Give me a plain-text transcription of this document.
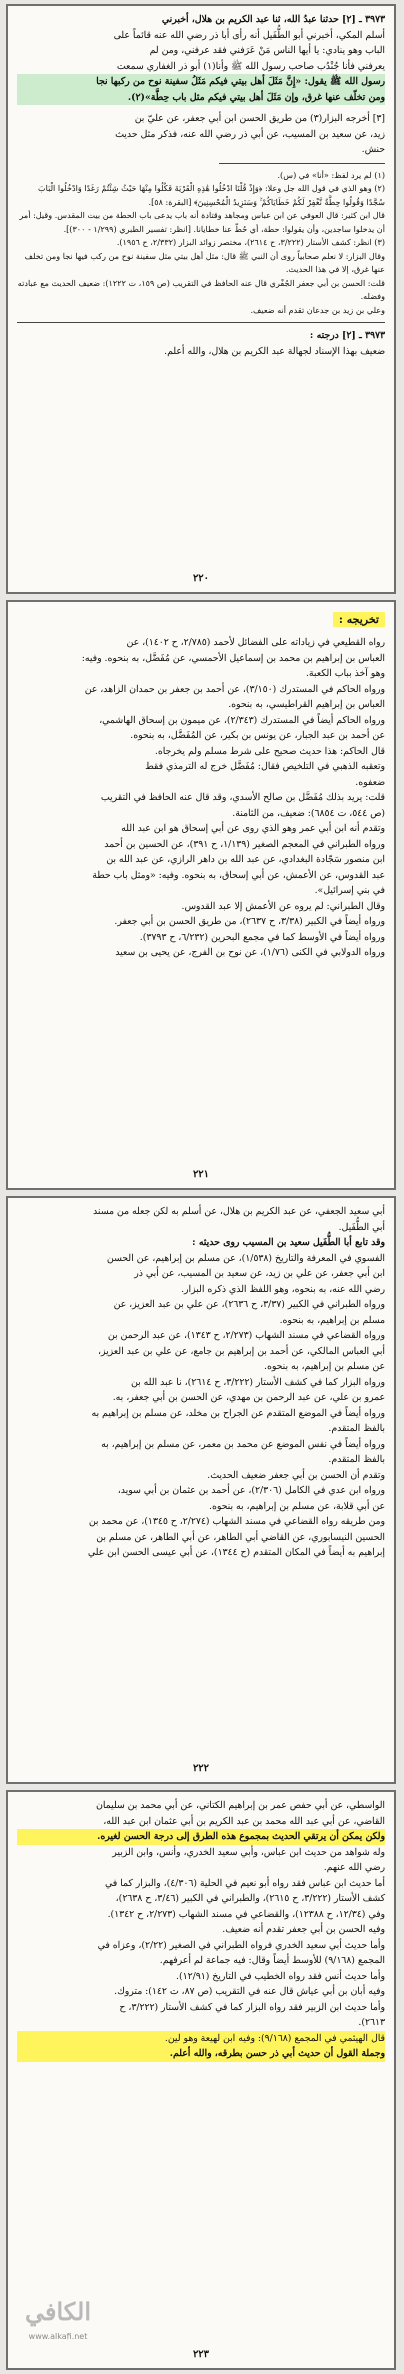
٣٩٧٣ ـ [٢] حدثنا عبدُ الله، ثنا عبد الكريم بن هلال، أخبرني

أسلم المكي، أخبرني أبو الطُّفَيل أنه رأى أبا ذر رضي الله عنه قائماً على

الباب وهو ينادي: يا أيها الناس مَنْ عَرَفني فقد عرفني، ومن لم

يعرفني فأنا جُنْدُب صاحب رسول الله ﷺ وأنا(١) أبو ذر الغفاري سمعت

رسول الله ﷺ يقول: «إِنَّ مَثَلَ أهل بيتي فيكم مَثَلُ سفينة نوح من ركبها نجا

ومن تخلّف عنها غرق، وإن مَثَلَ أهل بيتي فيكم مثل باب حِطَّة»(٢).

[٣] أخرجه البزار(٣) من طريق الحسن ابن أبي جعفر، عن عليّ بن

زيد، عن سعيد بن المسيب، عن أبي ذر رضي الله عنه، فذكر مثل حديث

حنش.

(١) لم يرد لفظ: «أنا» في (س).

(٢) وهو الذي في قول الله جل وعلا: ﴿وَإِذْ قُلْنَا ادْخُلُوا هَٰذِهِ الْقَرْيَةَ فَكُلُوا مِنْهَا حَيْثُ شِئْتُمْ رَغَدًا وَادْخُلُوا الْبَابَ سُجَّدًا وَقُولُوا حِطَّةٌ نَّغْفِرْ لَكُمْ خَطَايَاكُمْ ۚ وَسَنَزِيدُ الْمُحْسِنِينَ﴾ [البقرة: ٥٨].

قال ابن كثير: قال العوفي عن ابن عباس ومجاهد وقتادة أنه باب يدعى باب الحطة من بيت المقدس. وقيل: أمر أن يدخلوا ساجدين، وأن يقولوا: حطة، أي حُطّ عنا خطايانا. [انظر: تفسير الطبري (١/٢٩٩ - ٣٠٠)].

(٣) انظر: كشف الأستار (٣/٢٢٢، ح ٢٦١٤)، مختصر زوائد البزار (٢/٣٣٢، ح ١٩٥٦).

وقال البزار: لا نعلم صحابياً روى أن النبي ﷺ قال: مثل أهل بيتي مثل سفينة نوح من ركب فيها نجا ومن تخلف عنها غرق، إلا في هذا الحديث.

قلت: الحسن بن أبي جعفر الجُفْري قال عنه الحافظ في التقريب (ص ١٥٩، ت ١٢٢٢): ضعيف الحديث مع عبادته وفضله.

وعلي بن زيد بن جدعان تقدم أنه ضعيف.

٣٩٧٣ ـ [٢] درجته :

ضعيف بهذا الإسناد لجهالة عبد الكريم بن هلال، والله أعلم.

٢٢٠
تخريجه :

رواه القطيعي في زياداته على الفضائل لأحمد (٢/٧٨٥، ح ١٤٠٢)، عن

العباس بن إبراهيم بن محمد بن إسماعيل الأحمسي، عن مُفَضَّل، به بنحوه. وفيه:

وهو آخذ بباب الكعبة.

ورواه الحاكم في المستدرك (٣/١٥٠)، عن أحمد بن جعفر بن حمدان الزاهد، عن

العباس بن إبراهيم القراطيسي، به بنحوه.

ورواه الحاكم أيضاً في المستدرك (٢/٣٤٣)، عن ميمون بن إسحاق الهاشمي،

عن أحمد بن عبد الجبار، عن يونس بن بكير، عن المُفَضَّل، به بنحوه.

قال الحاكم: هذا حديث صحيح على شرط مسلم ولم يخرجاه.

وتعقبه الذهبي في التلخيص فقال: مُفَضَّل خرج له الترمذي فقط

ضعفوه.

قلت: يريد بذلك مُفَضَّل بن صالح الأسدي، وقد قال عنه الحافظ في التقريب

(ص ٥٤٤، ت ٦٨٥٤): ضعيف، من الثامنة.

وتقدم أنه ابن أبي عمر وهو الذي روى عن أبي إسحاق هو ابن عبد الله

ورواه الطبراني في المعجم الصغير (١/١٣٩، ح ٣٩١)، عن الحسين بن أحمد

ابن منصور سَجّادة البغدادي، عن عبد الله بن داهر الرازي، عن عبد الله بن

عبد القدوس، عن الأعمش، عن أبي إسحاق، به بنحوه. وفيه: «ومثل باب حطة

في بني إسرائيل».

وقال الطبراني: لم يروه عن الأعمش إلا عبد القدوس.

ورواه أيضاً في الكبير (٣/٣٨، ح ٢٦٣٧)، من طريق الحسن بن أبي جعفر.

ورواه أيضاً في الأوسط كما في مجمع البحرين (٦/٢٣٢، ح ٣٧٩٣).

ورواه الدولابي في الكنى (١/٧٦)، عن نوح بن الفرج، عن يحيى بن سعيد

٢٢١

أبي سعيد الجعفي، عن عبد الكريم بن هلال، عن أسلم به لكن جعله من مسند

أبي الطُّفَيل.

وقد تابع أبا الطُّفَيل سعيد بن المسيب روى حديثه :

الفسوي في المعرفة والتاريخ (١/٥٣٨)، عن مسلم بن إبراهيم، عن الحسن

ابن أبي جعفر، عن علي بن زيد، عن سعيد بن المسيب، عن أبي ذر

رضي الله عنه، به بنحوه، وهو اللفظ الذي ذكره البزار.

ورواه الطبراني في الكبير (٣/٣٧، ح ٢٦٣٦)، عن علي بن عبد العزيز، عن

مسلم بن إبراهيم، به بنحوه.

ورواه القضاعي في مسند الشهاب (٢/٢٧٣، ح ١٣٤٣)، عن عبد الرحمن بن

أبي العباس المالكي، عن أحمد بن إبراهيم بن جامع، عن علي بن عبد العزيز،

عن مسلم بن إبراهيم، به بنحوه.

ورواه البزار كما في كشف الأستار (٣/٢٢٢، ح ٢٦١٤)، نا عبد الله بن

عمرو بن علي، عن عبد الرحمن بن مهدي، عن الحسن بن أبي جعفر، به.

ورواه أيضاً في الموضع المتقدم عن الجراح بن مخلد، عن مسلم بن إبراهيم به

بالفظ المتقدم.

ورواه أيضاً في نفس الموضع عن محمد بن معمر، عن مسلم بن إبراهيم، به

بالفظ المتقدم.

وتقدم أن الحسن بن أبي جعفر ضعيف الحديث.

ورواه ابن عدي في الكامل (٢/٣٠٦)، عن أحمد بن عثمان بن أبي سويد،

عن أبي قلابة، عن مسلم بن إبراهيم، به بنحوه.

ومن طريقه رواه القضاعي في مسند الشهاب (٢/٢٧٤، ح ١٣٤٥)، عن محمد بن

الحسين النيسابوري، عن القاضي أبي الطاهر، عن أبي الطاهر، عن مسلم بن

إبراهيم به أيضاً في المكان المتقدم (ح ١٣٤٤)، عن أبي عيسى الحسن ابن علي

٢٢٢

الواسطي، عن أبي حفص عمر بن إبراهيم الكتاني، عن أبي محمد بن سليمان

القاضي، عن أبي عبد الله محمد بن عبد الكريم بن أبي عثمان ابن عبد الله،

ولكن يمكن أن يرتقي الحديث بمجموع هذه الطرق إلى درجة الحسن لغيره.

وله شواهد من حديث ابن عباس، وأبي سعيد الخدري، وأنس، وابن الزبير

رضي الله عنهم.

أما حديث ابن عباس فقد رواه أبو نعيم في الحلية (٤/٣٠٦)، والبزار كما في

كشف الأستار (٣/٢٢٢، ح ٢٦١٥)، والطبراني في الكبير (٣/٤٦، ح ٢٦٣٨)،

وفي (١٢/٣٤، ح ١٢٣٨٨)، والقضاعي في مسند الشهاب (٢/٢٧٣، ح ١٣٤٢).

وفيه الحسن بن أبي جعفر تقدم أنه ضعيف.

وأما حديث أبي سعيد الخدري فرواه الطبراني في الصغير (٢/٢٢)، وعزاه في

المجمع (٩/١٦٨) للأوسط أيضاً وقال: فيه جماعة لم أعرفهم.

وأما حديث أنس فقد رواه الخطيب في التاريخ (١٢/٩١).

وفيه أبان بن أبي عياش قال عنه في التقريب (ص ٨٧، ت ١٤٢): متروك.

وأما حديث ابن الزبير فقد رواه البزار كما في كشف الأستار (٣/٢٢٢، ح

٢٦١٣).

قال الهيثمي في المجمع (٩/١٦٨): وفيه ابن لهيعة وهو لين.

وجملة القول أن حديث أبي ذر حسن بطرقه، والله أعلم.

٢٢٣
الكافي
www.alkafi.net
